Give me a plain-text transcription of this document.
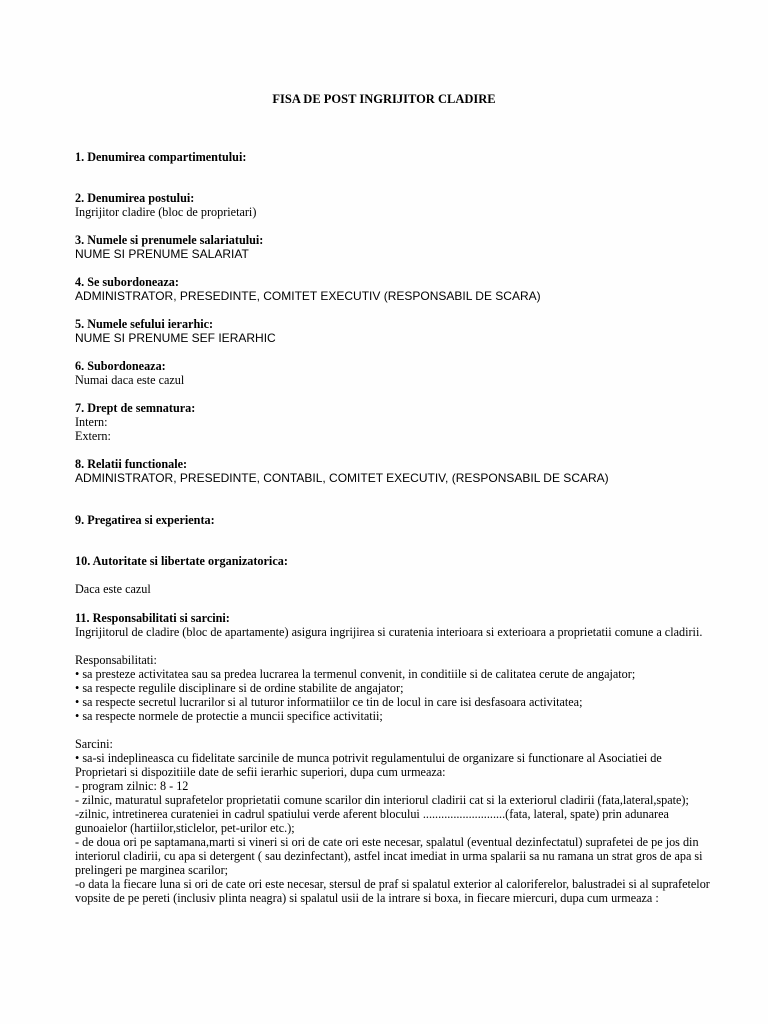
FISA DE POST INGRIJITOR CLADIRE
1. Denumirea compartimentului:
2. Denumirea postului:
Ingrijitor cladire (bloc de proprietari)
3. Numele si prenumele salariatului:
NUME SI PRENUME SALARIAT
4. Se subordoneaza:
ADMINISTRATOR, PRESEDINTE, COMITET EXECUTIV (RESPONSABIL DE SCARA)
5. Numele sefului ierarhic:
NUME SI PRENUME SEF IERARHIC
6. Subordoneaza:
Numai daca este cazul
7. Drept de semnatura:
Intern:
Extern:
8. Relatii functionale:
ADMINISTRATOR, PRESEDINTE, CONTABIL, COMITET EXECUTIV, (RESPONSABIL DE SCARA)
9. Pregatirea si experienta:
10. Autoritate si libertate organizatorica:
Daca este cazul
11. Responsabilitati si sarcini:
Ingrijitorul de cladire (bloc de apartamente) asigura ingrijirea si curatenia interioara si exterioara a proprietatii comune a cladirii.
Responsabilitati:
• sa presteze activitatea sau sa predea lucrarea la termenul convenit, in conditiile si de calitatea cerute de angajator;
• sa respecte regulile disciplinare si de ordine stabilite de angajator;
• sa respecte secretul lucrarilor si al tuturor informatiilor ce tin de locul in care isi desfasoara activitatea;
• sa respecte normele de protectie a muncii specifice activitatii;
Sarcini:
• sa-si indeplineasca cu fidelitate sarcinile de munca potrivit regulamentului de organizare si functionare al Asociatiei de Proprietari si dispozitiile date de sefii ierarhic superiori, dupa cum urmeaza:
- program zilnic: 8 - 12
- zilnic, maturatul suprafetelor proprietatii comune scarilor din interiorul cladirii cat si la exteriorul cladirii (fata,lateral,spate);
-zilnic, intretinerea curateniei in cadrul spatiului verde aferent blocului ...........................(fata, lateral, spate) prin adunarea gunoaielor (hartiilor,sticlelor, pet-urilor etc.);
- de doua ori pe saptamana,marti si vineri si ori de cate ori este necesar, spalatul (eventual dezinfectatul) suprafetei de pe jos din interiorul cladirii, cu apa si detergent ( sau dezinfectant), astfel incat imediat in urma spalarii sa nu ramana un strat gros de apa si prelingeri pe marginea scarilor;
-o data la fiecare luna si ori de cate ori este necesar, stersul de praf si spalatul exterior al caloriferelor, balustradei si al suprafetelor vopsite de pe pereti (inclusiv plinta neagra) si spalatul usii de la intrare si boxa, in fiecare miercuri, dupa cum urmeaza :
